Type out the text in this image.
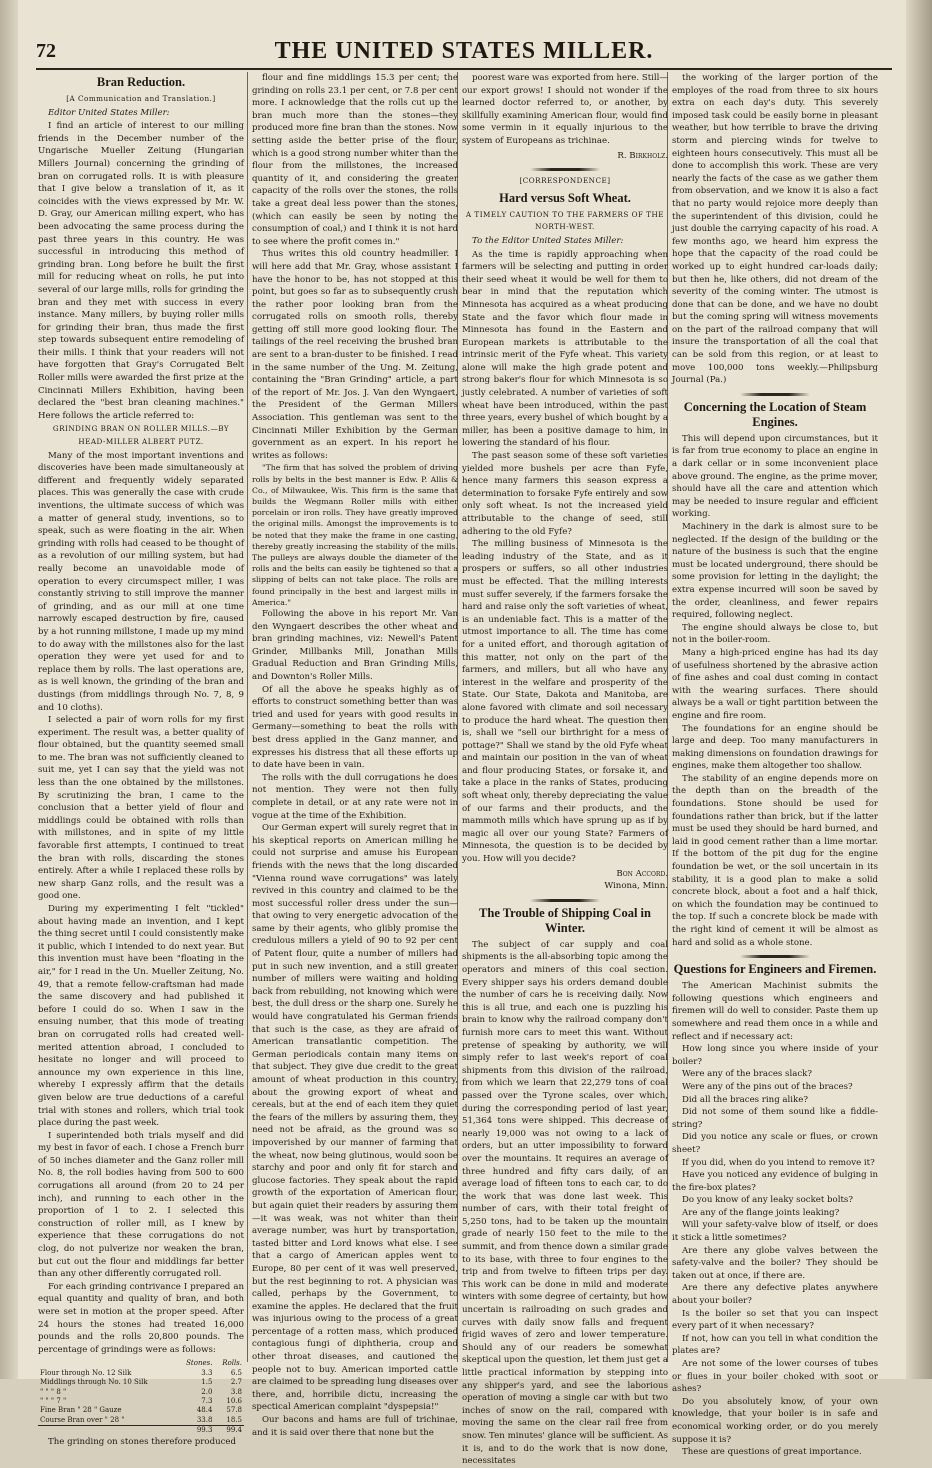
72	THE UNITED STATES MILLER.
Bran Reduction.
[A Communication and Translation.]
Editor United States Miller:

I find an article of interest to our milling friends in the December number of the Ungarische Mueller Zeitung (Hungarian Millers Journal) concerning the grinding of bran on corrugated rolls. It is with pleasure that I give below a translation of it, as it coincides with the views expressed by Mr. W. D. Gray, our American milling expert, who has been advocating the same process during the past three years in this country. He was successful in introducing this method of grinding bran. Long before he built the first mill for reducing wheat on rolls, he put into several of our large mills, rolls for grinding the bran and they met with success in every instance. Many millers, by buying roller mills for grinding their bran, thus made the first step towards subsequent entire remodeling of their mills. I think that your readers will not have forgotten that Gray's Corrugated Belt Roller mills were awarded the first prize at the Cincinnati Millers Exhibition, having been declared the "best bran cleaning machines." Here follows the article referred to:

GRINDING BRAN ON ROLLER MILLS.—BY HEAD-MILLER ALBERT PUTZ.

Many of the most important inventions and discoveries have been made simultaneously at different and frequently widely separated places. This was generally the case with crude inventions, the ultimate success of which was a matter of general study, inventions, so to speak, such as were floating in the air. When grinding with rolls had ceased to be thought of as a revolution of our milling system, but had really become an unavoidable mode of operation to every circumspect miller, I was constantly striving to still improve the manner of grinding, and as our mill at one time narrowly escaped destruction by fire, caused by a hot running millstone, I made up my mind to do away with the millstones also for the last operation they were yet used for and to replace them by rolls. The last operations are, as is well known, the grinding of the bran and dustings (from middlings through No. 7, 8, 9 and 10 cloths).

I selected a pair of worn rolls for my first experiment. The result was, a better quality of flour obtained, but the quantity seemed small to me. The bran was not sufficiently cleaned to suit me, yet I can say that the yield was not less than the one obtained by the millstones. By scrutinizing the bran, I came to the conclusion that a better yield of flour and middlings could be obtained with rolls than with millstones, and in spite of my little favorable first attempts, I continued to treat the bran with rolls, discarding the stones entirely. After a while I replaced these rolls by new sharp Ganz rolls, and the result was a good one.

During my experimenting I felt "tickled" about having made an invention, and I kept the thing secret until I could consistently make it public, which I intended to do next year. But this invention must have been "floating in the air," for I read in the Un. Mueller Zeitung, No. 49, that a remote fellow-craftsman had made the same discovery and had published it before I could do so. When I saw in the ensuing number, that this mode of treating bran on corrugated rolls had created well-merited attention abroad, I concluded to hesitate no longer and will proceed to announce my own experience in this line, whereby I expressly affirm that the details given below are true deductions of a careful trial with stones and rollers, which trial took place during the past week.

I superintended both trials myself and did my best in favor of each. I chose a French burr of 50 inches diameter and the Ganz roller mill No. 8, the roll bodies having from 500 to 600 corrugations all around (from 20 to 24 per inch), and running to each other in the proportion of 1 to 2. I selected this construction of roller mill, as I knew by experience that these corrugations do not clog, do not pulverize nor weaken the bran, but cut out the flour and middlings far better than any other differently corrugated roll.

For each grinding contrivance I prepared an equal quantity and quality of bran, and both were set in motion at the proper speed. After 24 hours the stones had treated 16,000 pounds and the rolls 20,800 pounds. The percentage of grindings were as follows:

	Stones.	Rolls.
Flour through No. 12 Silk	3.3	6.5
Middlings through No. 10 Silk	1.5	2.7
" " " 8 "	2.0	3.8
" " " 7 "	7.3	10.6
Fine Bran " 28 " Gauze	48.4	57.8
Course Bran over " 28 "	33.8	18.5
	99.3	99.4

The grinding on stones therefore produced

flour and fine middlings 15.3 per cent; the grinding on rolls 23.1 per cent, or 7.8 per cent more. I acknowledge that the rolls cut up the bran much more than the stones—they produced more fine bran than the stones. Now setting aside the better prise of the flour, which is a good strong number whiter than the flour from the millstones, the increased quantity of it, and considering the greater capacity of the rolls over the stones, the rolls take a great deal less power than the stones, (which can easily be seen by noting the consumption of coal,) and I think it is not hard to see where the profit comes in."

Thus writes this old country headmiller. I will here add that Mr. Gray, whose assistant I have the honor to be, has not stopped at this point, but goes so far as to subsequently crush the rather poor looking bran from the corrugated rolls on smooth rolls, thereby getting off still more good looking flour. The tailings of the reel receiving the brushed bran are sent to a bran-duster to be finished. I read in the same number of the Ung. M. Zeitung, containing the "Bran Grinding" article, a part of the report of Mr. Jos. J. Van den Wyngaert, the President of the German Millers Association. This gentleman was sent to the Cincinnati Miller Exhibition by the German government as an expert. In his report he writes as follows:

"The firm that has solved the problem of driving rolls by belts in the best manner is Edw. P. Allis & Co., of Milwaukee, Wis. This firm is the same that builds the Wegmann Roller mills with either porcelain or iron rolls. They have greatly improved the original mills. Amongst the improvements is to be noted that they make the frame in one casting, thereby greatly increasing the stability of the mills. The pulleys are always double the diameter of the rolls and the belts can easily be tightened so that a slipping of belts can not take place. The rolls are found principally in the best and largest mills in America."

Following the above in his report Mr. Van den Wyngaert describes the other wheat and bran grinding machines, viz: Newell's Patent Grinder, Millbanks Mill, Jonathan Mills Gradual Reduction and Bran Grinding Mills, and Downton's Roller Mills.

Of all the above he speaks highly as of efforts to construct something better than was tried and used for years with good results in Germany—something to beat the rolls with best dress applied in the Ganz manner, and expresses his distress that all these efforts up to date have been in vain.

The rolls with the dull corrugations he does not mention. They were not then fully complete in detail, or at any rate were not in vogue at the time of the Exhibition.

Our German expert will surely regret that in his skeptical reports on American milling he could not surprise and amuse his European friends with the news that the long discarded "Vienna round wave corrugations" was lately revived in this country and claimed to be the most successful roller dress under the sun—that owing to very energetic advocation of the same by their agents, who glibly promise the credulous millers a yield of 90 to 92 per cent of Patent flour, quite a number of millers had put in such new invention, and a still greater number of millers were waiting and holding back from rebuilding, not knowing which were best, the dull dress or the sharp one. Surely he would have congratulated his German friends that such is the case, as they are afraid of American transatlantic competition. The German periodicals contain many items on that subject. They give due credit to the great amount of wheat production in this country, about the growing export of wheat and cereals, but at the end of each item they quiet the fears of the millers by assuring them, they need not be afraid, as the ground was so impoverished by our manner of farming that the wheat, now being glutinous, would soon be starchy and poor and only fit for starch and glucose factories. They speak about the rapid growth of the exportation of American flour, but again quiet their readers by assuring them—it was weak, was not whiter than their average number, was hurt by transportation, tasted bitter and Lord knows what else. I see that a cargo of American apples went to Europe, 80 per cent of it was well preserved, but the rest beginning to rot. A physician was called, perhaps by the Government, to examine the apples. He declared that the fruit was injurious owing to the process of a great percentage of a rotten mass, which produced contagious fungi of diphtheria, croup and other throat diseases, and cautioned the people not to buy. American imported cattle are claimed to be spreading lung diseases over there, and, horribile dictu, increasing the spectical American complaint "dyspepsia!"

Our bacons and hams are full of trichinae, and it is said over there that none but the

poorest ware was exported from here. Still—our export grows! I should not wonder if the learned doctor referred to, or another, by skillfully examining American flour, would find some vermin in it equally injurious to the system of Europeans as trichinae.

R. Birkholz.
[CORRESPONDENCE]
Hard versus Soft Wheat.
A TIMELY CAUTION TO THE FARMERS OF THE NORTH-WEST.
To the Editor United States Miller:

As the time is rapidly approaching when farmers will be selecting and putting in order their seed wheat it would be well for them to bear in mind that the reputation which Minnesota has acquired as a wheat producing State and the favor which flour made in Minnesota has found in the Eastern and European markets is attributable to the intrinsic merit of the Fyfe wheat. This variety alone will make the high grade potent and strong baker's flour for which Minnesota is so justly celebrated. A number of varieties of soft wheat have been introduced, within the past three years, every bushel of which bought by a miller, has been a positive damage to him, in lowering the standard of his flour.

The past season some of these soft varieties yielded more bushels per acre than Fyfe, hence many farmers this season express a determination to forsake Fyfe entirely and sow only soft wheat. Is not the increased yield attributable to the change of seed, still adhering to the old Fyfe?

The milling business of Minnesota is the leading industry of the State, and as it prospers or suffers, so all other industries must be effected. That the milling interests must suffer severely, if the farmers forsake the hard and raise only the soft varieties of wheat, is an undeniable fact. This is a matter of the utmost importance to all. The time has come for a united effort, and thorough agitation of this matter, not only on the part of the farmers, and millers, but all who have any interest in the welfare and prosperity of the State. Our State, Dakota and Manitoba, are alone favored with climate and soil necessary to produce the hard wheat. The question then is, shall we "sell our birthright for a mess of pottage?" Shall we stand by the old Fyfe wheat and maintain our position in the van of wheat and flour producing States, or forsake it, and take a place in the ranks of States, producing soft wheat only, thereby depreciating the value of our farms and their products, and the mammoth mills which have sprung up as if by magic all over our young State? Farmers of Minnesota, the question is to be decided by you. How will you decide?

Bon Accord.
Winona, Minn.
The Trouble of Shipping Coal in Winter.

The subject of car supply and coal shipments is the all-absorbing topic among the operators and miners of this coal section. Every shipper says his orders demand double the number of cars he is receiving daily. Now this is all true, and each one is puzzling his brain to know why the railroad company don't furnish more cars to meet this want. Without pretense of speaking by authority, we will simply refer to last week's report of coal shipments from this division of the railroad, from which we learn that 22,279 tons of coal passed over the Tyrone scales, over which, during the corresponding period of last year, 51,364 tons were shipped. This decrease of nearly 19,000 was not owing to a lack of orders, but an utter impossibility to forward over the mountains. It requires an average of three hundred and fifty cars daily, of an average load of fifteen tons to each car, to do the work that was done last week. This number of cars, with their total freight of 5,250 tons, had to be taken up the mountain grade of nearly 150 feet to the mile to the summit, and from thence down a similar grade to its base, with three to four engines to the trip and from twelve to fifteen trips per day. This work can be done in mild and moderate winters with some degree of certainty, but how uncertain is railroading on such grades and curves with daily snow falls and frequent frigid waves of zero and lower temperature. Should any of our readers be somewhat skeptical upon the question, let them just get a little practical information by stepping into any shipper's yard, and see the laborious operation of moving a single car with but two inches of snow on the rail, compared with moving the same on the clear rail free from snow. Ten minutes' glance will be sufficient. As it is, and to do the work that is now done, necessitates

the working of the larger portion of the employes of the road from three to six hours extra on each day's duty. This severely imposed task could be easily borne in pleasant weather, but how terrible to brave the driving storm and piercing winds for twelve to eighteen hours consecutively. This must all be done to accomplish this work. These are very nearly the facts of the case as we gather them from observation, and we know it is also a fact that no party would rejoice more deeply than the superintendent of this division, could he just double the carrying capacity of his road. A few months ago, we heard him express the hope that the capacity of the road could be worked up to eight hundred car-loads daily; but then he, like others, did not dream of the severity of the coming winter. The utmost is done that can be done, and we have no doubt but the coming spring will witness movements on the part of the railroad company that will insure the transportation of all the coal that can be sold from this region, or at least to move 100,000 tons weekly.—Philipsburg Journal (Pa.)

Concerning the Location of Steam Engines.

This will depend upon circumstances, but it is far from true economy to place an engine in a dark cellar or in some inconvenient place above ground. The engine, as the prime mover, should have all the care and attention which may be needed to insure regular and efficient working.

Machinery in the dark is almost sure to be neglected. If the design of the building or the nature of the business is such that the engine must be located underground, there should be some provision for letting in the daylight; the extra expense incurred will soon be saved by the order, cleanliness, and fewer repairs required, following neglect.

The engine should always be close to, but not in the boiler-room.

Many a high-priced engine has had its day of usefulness shortened by the abrasive action of fine ashes and coal dust coming in contact with the wearing surfaces. There should always be a wall or tight partition between the engine and fire room.

The foundations for an engine should be large and deep. Too many manufacturers in making dimensions on foundation drawings for engines, make them altogether too shallow.

The stability of an engine depends more on the depth than on the breadth of the foundations. Stone should be used for foundations rather than brick, but if the latter must be used they should be hard burned, and laid in good cement rather than a lime mortar. If the bottom of the pit dug for the engine foundation be wet, or the soil uncertain in its stability, it is a good plan to make a solid concrete block, about a foot and a half thick, on which the foundation may be continued to the top. If such a concrete block be made with the right kind of cement it will be almost as hard and solid as a whole stone.

Questions for Engineers and Firemen.

The American Machinist submits the following questions which engineers and firemen will do well to consider. Paste them up somewhere and read them once in a while and reflect and if necessary act:

How long since you where inside of your boiler?

Were any of the braces slack?

Were any of the pins out of the braces?

Did all the braces ring alike?

Did not some of them sound like a fiddle-string?

Did you notice any scale or flues, or crown sheet?

If you did, when do you intend to remove it?

Have you noticed any evidence of bulging in the fire-box plates?

Do you know of any leaky socket bolts?

Are any of the flange joints leaking?

Will your safety-valve blow of itself, or does it stick a little sometimes?

Are there any globe valves between the safety-valve and the boiler? They should be taken out at once, if there are.

Are there any defective plates anywhere about your boiler?

Is the boiler so set that you can inspect every part of it when necessary?

If not, how can you tell in what condition the plates are?

Are not some of the lower courses of tubes or flues in your boiler choked with soot or ashes?

Do you absolutely know, of your own knowledge, that your boiler is in safe and economical working order, or do you merely suppose it is?

These are questions of great importance.
